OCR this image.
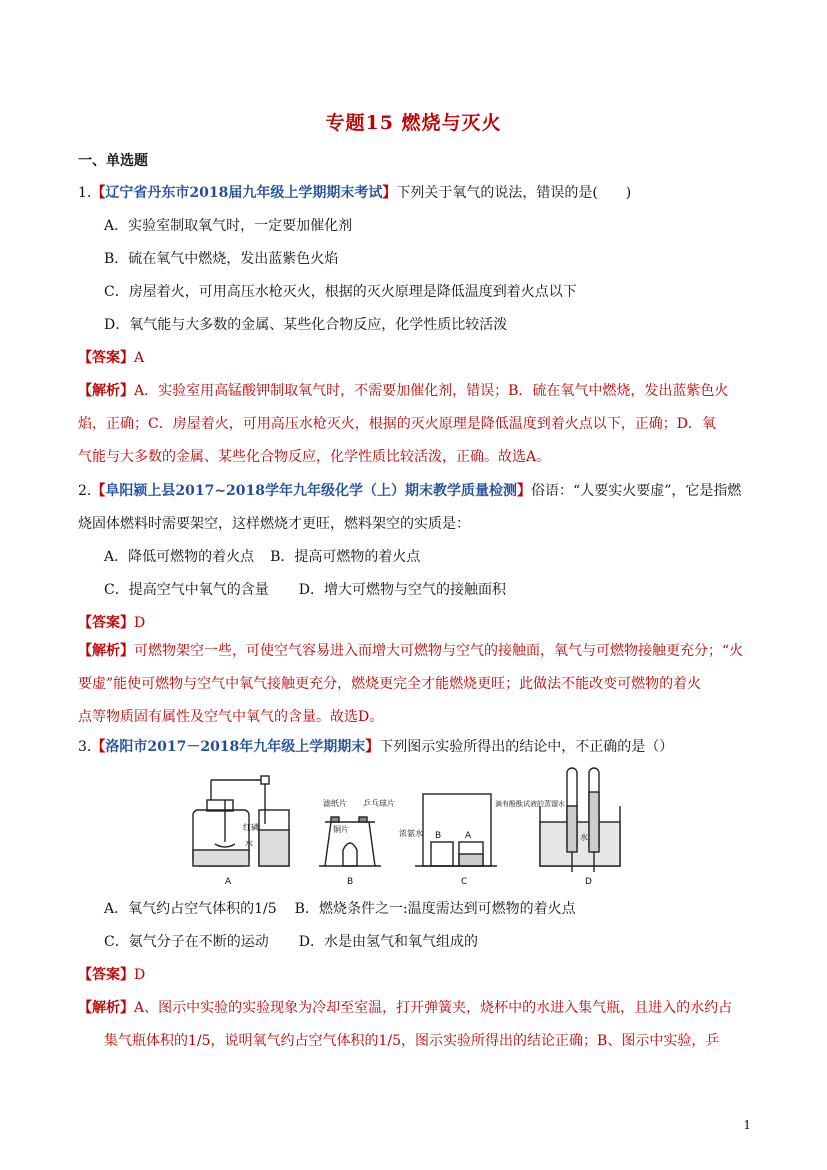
专题15 燃烧与灭火
一、单选题
1.【辽宁省丹东市2018届九年级上学期期末考试】下列关于氧气的说法，错误的是(　　)
A．实验室制取氧气时，一定要加催化剂
B．硫在氧气中燃烧，发出蓝紫色火焰
C．房屋着火，可用高压水枪灭火，根据的灭火原理是降低温度到着火点以下
D．氧气能与大多数的金属、某些化合物反应，化学性质比较活泼
【答案】A
【解析】A．实验室用高锰酸钾制取氧气时，不需要加催化剂，错误；B．硫在氧气中燃烧，发出蓝紫色火
焰，正确；C．房屋着火，可用高压水枪灭火，根据的灭火原理是降低温度到着火点以下，正确；D．氧
气能与大多数的金属、某些化合物反应，化学性质比较活泼，正确。故选A。
2.【阜阳颍上县2017~2018学年九年级化学（上）期末教学质量检测】俗语：“人要实火要虚”，它是指燃
烧固体燃料时需要架空，这样燃烧才更旺，燃料架空的实质是：
A．降低可燃物的着火点 B．提高可燃物的着火点
C．提高空气中氧气的含量 D．增大可燃物与空气的接触面积
【答案】D
【解析】可燃物架空一些，可使空气容易进入而增大可燃物与空气的接触面，氧气与可燃物接触更充分；“火
要虚”能使可燃物与空气中氧气接触更充分，燃烧更完全才能燃烧更旺；此做法不能改变可燃物的着火
点等物质固有属性及空气中氧气的含量。故选D。
3.【洛阳市2017－2018年九年级上学期期末】下列图示实验所得出的结论中，不正确的是（）
红磷
水
滤纸片 乒乓球片
铜片	浓氨水 B	A
滴有酚酞试液的蒸馏水
水
A	B	C	D
A．氧气约占空气体积的1/5 B．燃烧条件之一:温度需达到可燃物的着火点
C．氨气分子在不断的运动 D．水是由氢气和氧气组成的
【答案】D
【解析】A、图示中实验的实验现象为冷却至室温，打开弹簧夹，烧杯中的水进入集气瓶，且进入的水约占
集气瓶体积的1/5，说明氧气约占空气体积的1/5，图示实验所得出的结论正确；B、图示中实验，乒
1
